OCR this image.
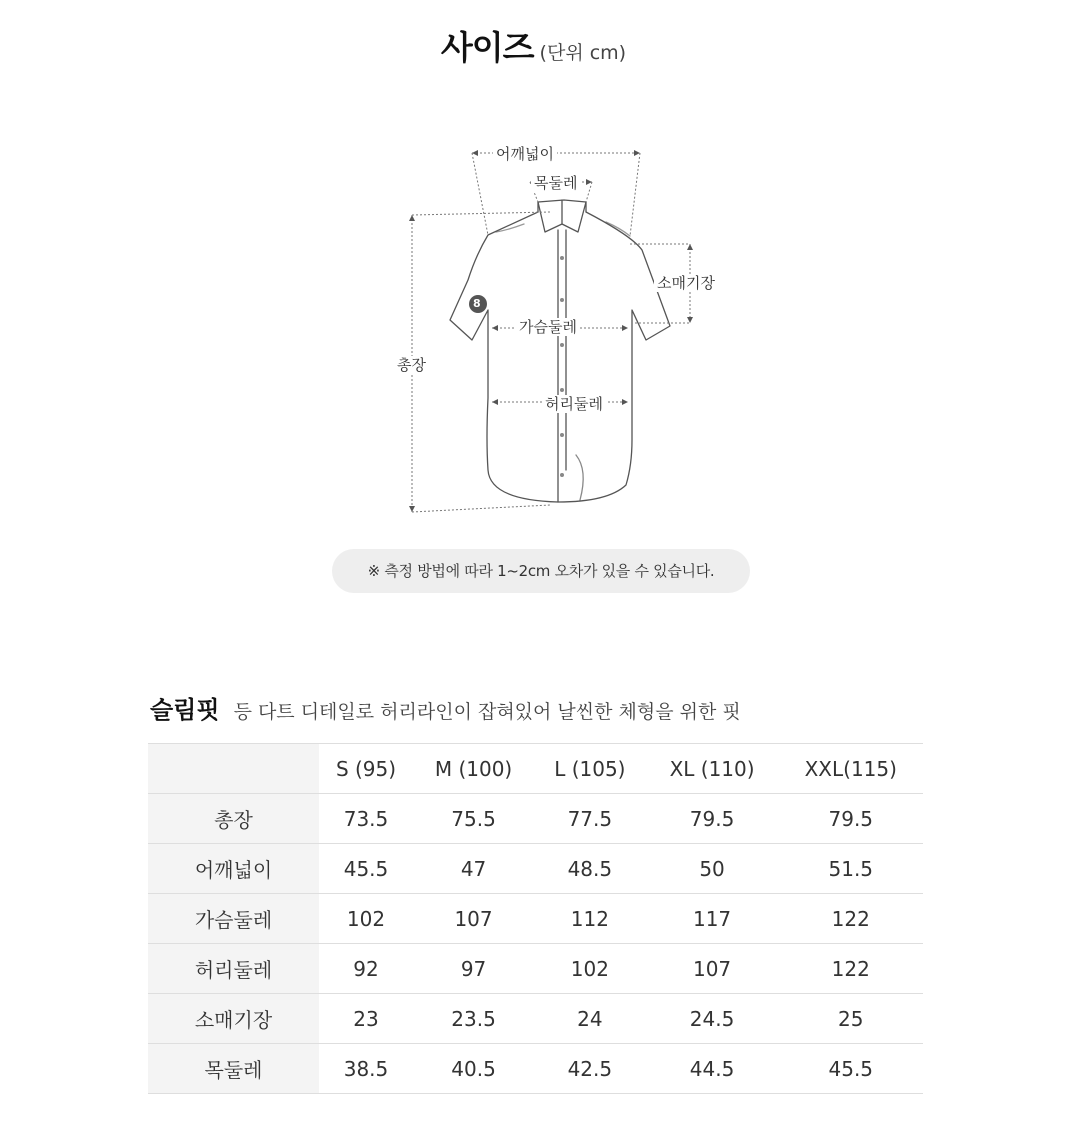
사이즈 (단위 cm)
어깨넓이
목둘레
소매기장
가슴둘레
총장
허리둘레
8
※ 측정 방법에 따라 1~2cm 오차가 있을 수 있습니다.
슬림핏 등 다트 디테일로 허리라인이 잡혀있어 날씬한 체형을 위한 핏
	S (95)	M (100)	L (105)	XL (110)	XXL(115)
총장	73.5	75.5	77.5	79.5	79.5
어깨넓이	45.5	47	48.5	50	51.5
가슴둘레	102	107	112	117	122
허리둘레	92	97	102	107	122
소매기장	23	23.5	24	24.5	25
목둘레	38.5	40.5	42.5	44.5	45.5
